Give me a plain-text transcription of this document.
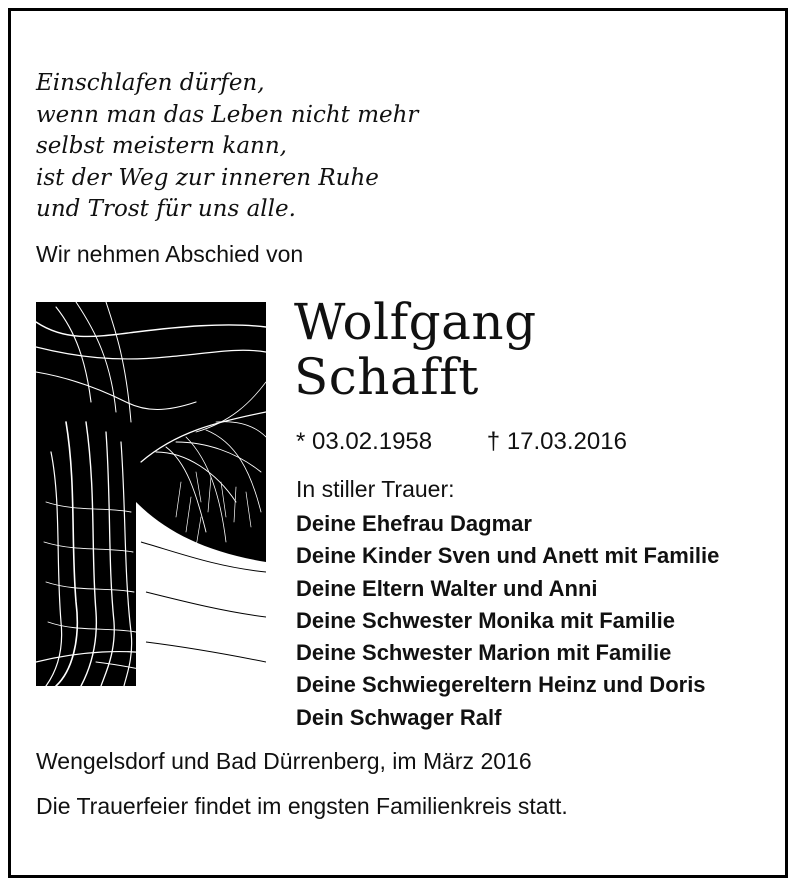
Einschlafen dürfen,
wenn man das Leben nicht mehr
selbst meistern kann,
ist der Weg zur inneren Ruhe
und Trost für uns alle.
Wir nehmen Abschied von
Wolfgang
Schafft
* 03.02.1958 † 17.03.2016
In stiller Trauer:
Deine Ehefrau Dagmar
Deine Kinder Sven und Anett mit Familie
Deine Eltern Walter und Anni
Deine Schwester Monika mit Familie
Deine Schwester Marion mit Familie
Deine Schwiegereltern Heinz und Doris
Dein Schwager Ralf
Wengelsdorf und Bad Dürrenberg, im März 2016
Die Trauerfeier findet im engsten Familienkreis statt.
